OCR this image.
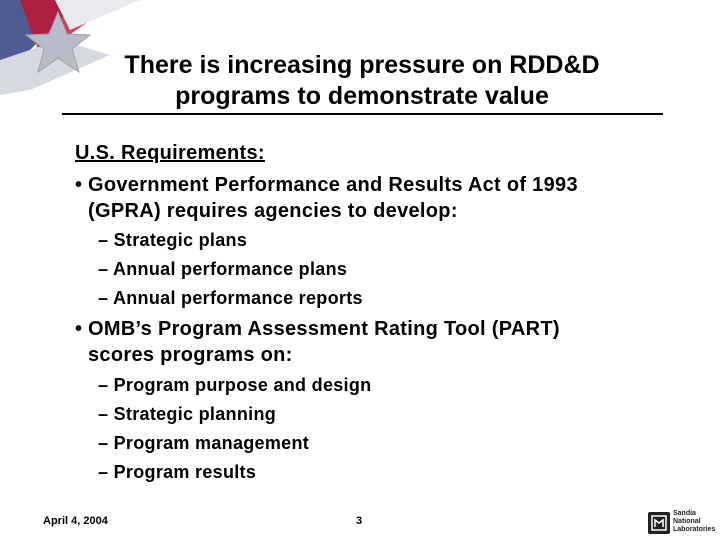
There is increasing pressure on RDD&D
programs to demonstrate value
U.S. Requirements:
• Government Performance and Results Act of 1993
(GPRA) requires agencies to develop:
– Strategic plans
– Annual performance plans
– Annual performance reports
• OMB’s Program Assessment Rating Tool (PART)
scores programs on:
– Program purpose and design
– Strategic planning
– Program management
– Program results
April 4, 2004	3
Sandia
National
Laboratories
